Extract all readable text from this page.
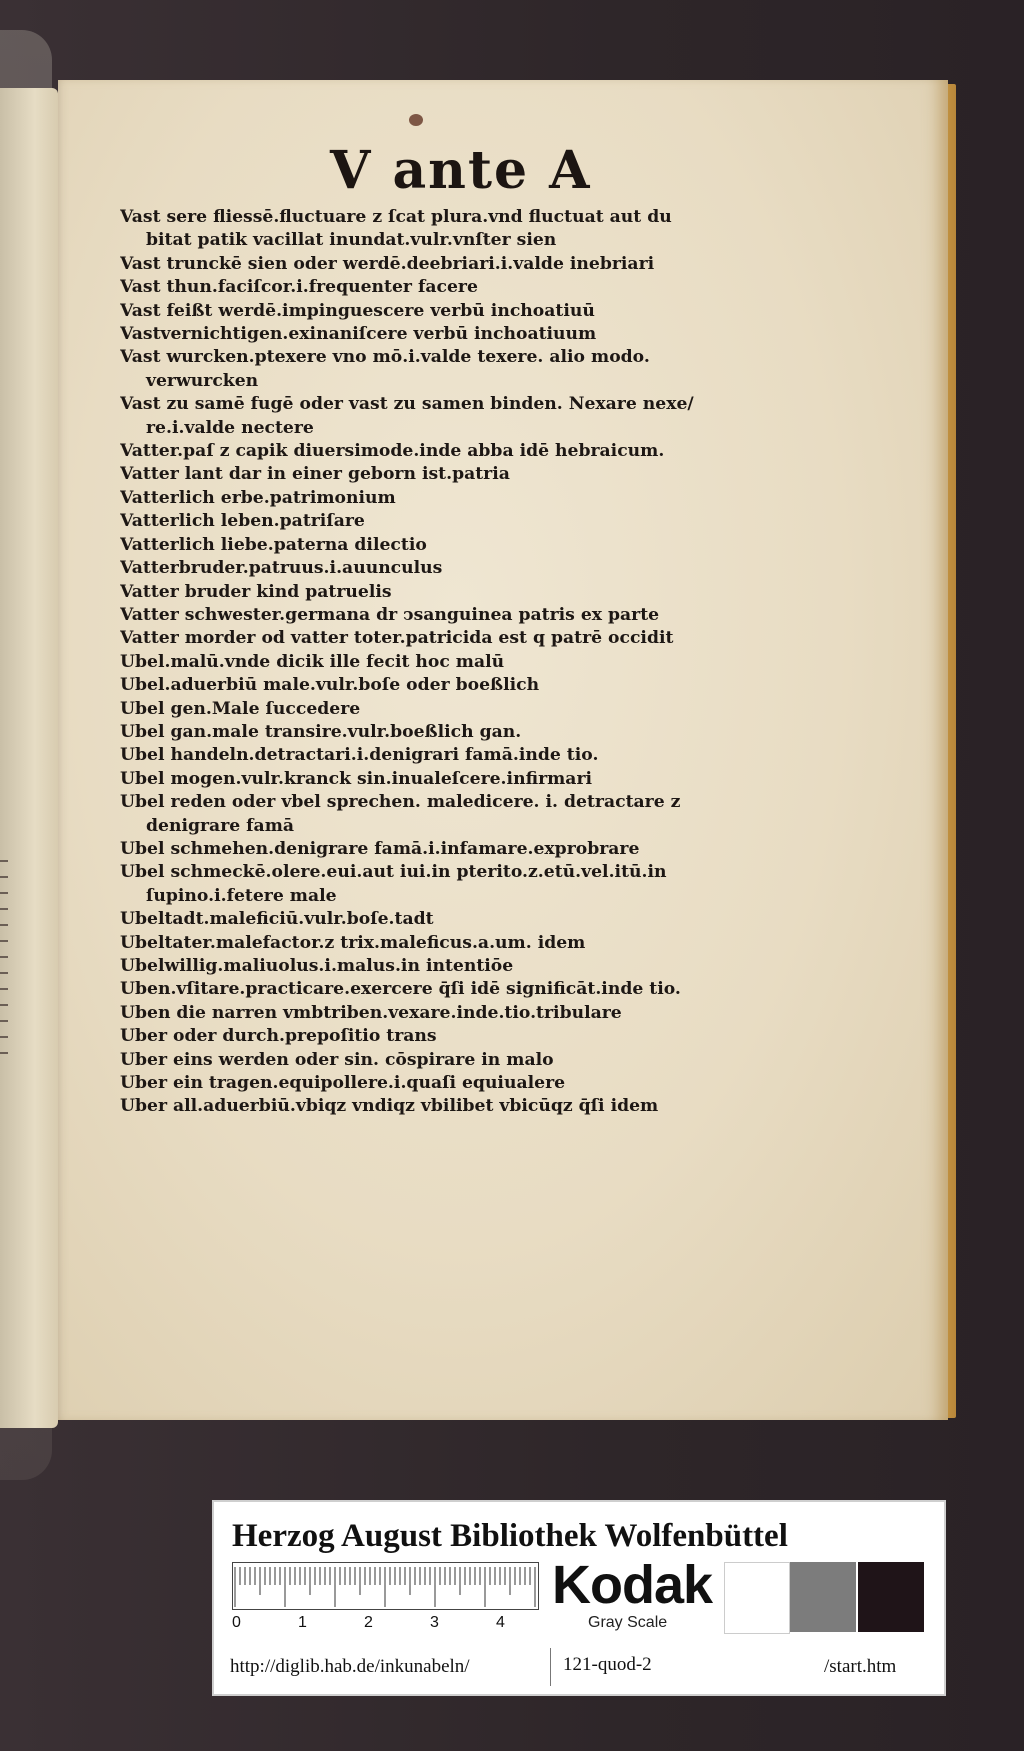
V ante A
Vast sere fliessē.fluctuare z ſcat plura.vnd fluctuat aut du
bitat patik vacillat inundat.vulr.vnſter sien
Vast trunckē sien oder werdē.deebriari.i.valde inebriari
Vast thun.faciſcor.i.frequenter facere
Vast feißt werdē.impinguescere verbū inchoatiuū
Vastvernichtigen.exinaniſcere verbū inchoatiuum
Vast wurcken.ptexere vno mō.i.valde texere. alio modo.
verwurcken
Vast zu samē fugē oder vast zu samen binden. Nexare nexe/
re.i.valde nectere
Vatter.paſ z capik diuersimode.inde abba idē hebraicum.
Vatter lant dar in einer geborn ist.patria
Vatterlich erbe.patrimonium
Vatterlich leben.patriſare
Vatterlich liebe.paterna dilectio
Vatterbruder.patruus.i.auunculus
Vatter bruder kind patruelis
Vatter schwester.germana dr ↄsanguinea patris ex parte
Vatter morder od vatter toter.patricida est q patrē occidit
Ubel.malū.vnde dicik ille fecit hoc malū
Ubel.aduerbiū male.vulr.boſe oder boeßlich
Ubel gen.Male ſuccedere
Ubel gan.male transire.vulr.boeßlich gan.
Ubel handeln.detractari.i.denigrari famā.inde tio.
Ubel mogen.vulr.kranck sin.inualeſcere.infirmari
Ubel reden oder vbel sprechen. maledicere. i. detractare z
denigrare famā
Ubel schmehen.denigrare famā.i.infamare.exprobrare
Ubel schmeckē.olere.eui.aut iui.in pterito.z.etū.vel.itū.in
ſupino.i.fetere male
Ubeltadt.maleficiū.vulr.boſe.tadt
Ubeltater.malefactor.z trix.maleficus.a.um. idem
Ubelwillig.maliuolus.i.malus.in intentiōe
Uben.vſitare.practicare.exercere q̄ſi idē significāt.inde tio.
Uben die narren vmbtriben.vexare.inde.tio.tribulare
Uber oder durch.prepoſitio trans
Uber eins werden oder sin. cōspirare in malo
Uber ein tragen.equipollere.i.quaſi equiualere
Uber all.aduerbiū.vbiqz vndiqz vbilibet vbicūqz q̄ſi idem
Herzog August Bibliothek Wolfenbüttel
0	1	2	3	4
Kodak
Gray Scale
http://diglib.hab.de/inkunabeln/	121-quod-2	/start.htm
